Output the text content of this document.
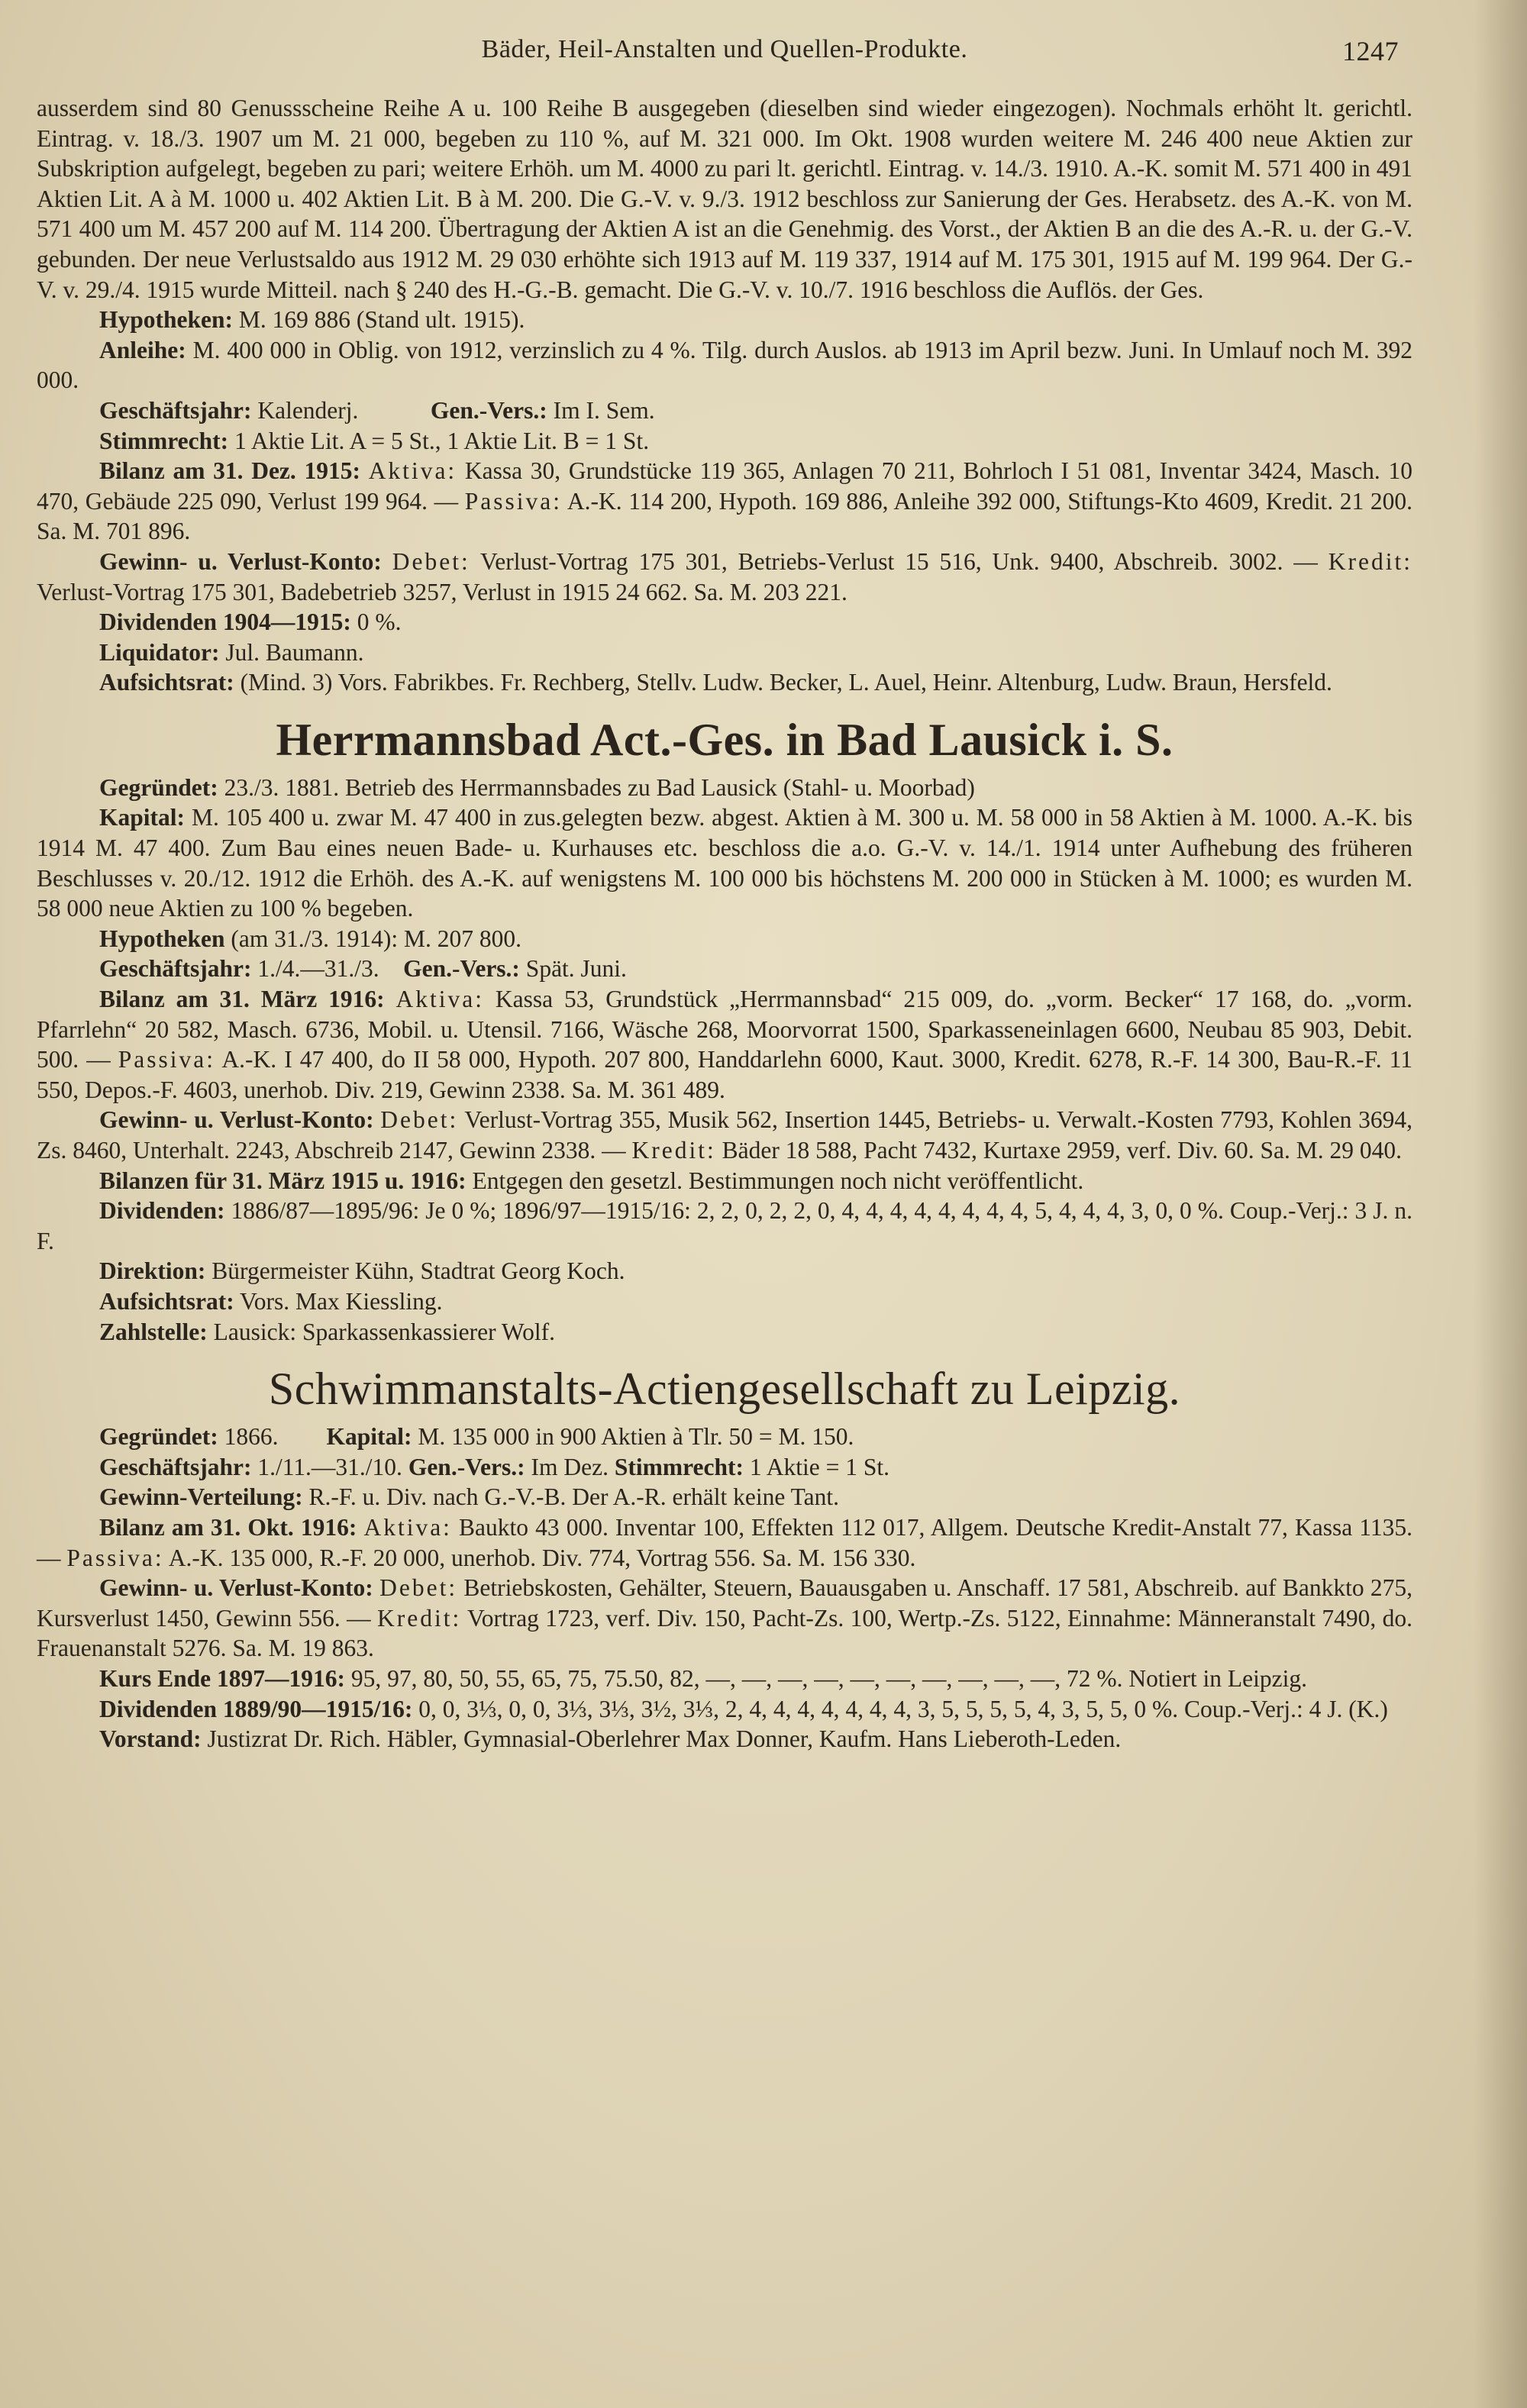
Bäder, Heil-Anstalten und Quellen-Produkte.	1247

ausserdem sind 80 Genussscheine Reihe A u. 100 Reihe B ausgegeben (dieselben sind wieder eingezogen). Nochmals erhöht lt. gerichtl. Eintrag. v. 18./3. 1907 um M. 21 000, begeben zu 110 %, auf M. 321 000. Im Okt. 1908 wurden weitere M. 246 400 neue Aktien zur Subskription aufgelegt, begeben zu pari; weitere Erhöh. um M. 4000 zu pari lt. gerichtl. Eintrag. v. 14./3. 1910. A.-K. somit M. 571 400 in 491 Aktien Lit. A à M. 1000 u. 402 Aktien Lit. B à M. 200. Die G.-V. v. 9./3. 1912 beschloss zur Sanierung der Ges. Herabsetz. des A.-K. von M. 571 400 um M. 457 200 auf M. 114 200. Übertragung der Aktien A ist an die Genehmig. des Vorst., der Aktien B an die des A.-R. u. der G.-V. gebunden. Der neue Verlustsaldo aus 1912 M. 29 030 erhöhte sich 1913 auf M. 119 337, 1914 auf M. 175 301, 1915 auf M. 199 964. Der G.-V. v. 29./4. 1915 wurde Mitteil. nach § 240 des H.-G.-B. gemacht. Die G.-V. v. 10./7. 1916 beschloss die Auflös. der Ges.

Hypotheken: M. 169 886 (Stand ult. 1915).

Anleihe: M. 400 000 in Oblig. von 1912, verzinslich zu 4 %. Tilg. durch Auslos. ab 1913 im April bezw. Juni. In Umlauf noch M. 392 000.

Geschäftsjahr: Kalenderj.   	Gen.-Vers.: Im I. Sem.

Stimmrecht: 1 Aktie Lit. A = 5 St., 1 Aktie Lit. B = 1 St.

Bilanz am 31. Dez. 1915: Aktiva: Kassa 30, Grundstücke 119 365, Anlagen 70 211, Bohrloch I 51 081, Inventar 3424, Masch. 10 470, Gebäude 225 090, Verlust 199 964. — Passiva: A.-K. 114 200, Hypoth. 169 886, Anleihe 392 000, Stiftungs-Kto 4609, Kredit. 21 200. Sa. M. 701 896.

Gewinn- u. Verlust-Konto: Debet: Verlust-Vortrag 175 301, Betriebs-Verlust 15 516, Unk. 9400, Abschreib. 3002. — Kredit: Verlust-Vortrag 175 301, Badebetrieb 3257, Verlust in 1915 24 662. Sa. M. 203 221.

Dividenden 1904—1915: 0 %.

Liquidator: Jul. Baumann.

Aufsichtsrat: (Mind. 3) Vors. Fabrikbes. Fr. Rechberg, Stellv. Ludw. Becker, L. Auel, Heinr. Altenburg, Ludw. Braun, Hersfeld.

Herrmannsbad Act.-Ges. in Bad Lausick i. S.

Gegründet: 23./3. 1881. Betrieb des Herrmannsbades zu Bad Lausick (Stahl- u. Moorbad)

Kapital: M. 105 400 u. zwar M. 47 400 in zus.gelegten bezw. abgest. Aktien à M. 300 u. M. 58 000 in 58 Aktien à M. 1000. A.-K. bis 1914 M. 47 400. Zum Bau eines neuen Bade- u. Kurhauses etc. beschloss die a.o. G.-V. v. 14./1. 1914 unter Aufhebung des früheren Beschlusses v. 20./12. 1912 die Erhöh. des A.-K. auf wenigstens M. 100 000 bis höchstens M. 200 000 in Stücken à M. 1000; es wurden M. 58 000 neue Aktien zu 100 % begeben.

Hypotheken (am 31./3. 1914): M. 207 800.

Geschäftsjahr: 1./4.—31./3.  Gen.-Vers.: Spät. Juni.

Bilanz am 31. März 1916: Aktiva: Kassa 53, Grundstück „Herrmannsbad“ 215 009, do. „vorm. Becker“ 17 168, do. „vorm. Pfarrlehn“ 20 582, Masch. 6736, Mobil. u. Utensil. 7166, Wäsche 268, Moorvorrat 1500, Sparkasseneinlagen 6600, Neubau 85 903, Debit. 500. — Passiva: A.-K. I 47 400, do II 58 000, Hypoth. 207 800, Handdarlehn 6000, Kaut. 3000, Kredit. 6278, R.-F. 14 300, Bau-R.-F. 11 550, Depos.-F. 4603, unerhob. Div. 219, Gewinn 2338. Sa. M. 361 489.

Gewinn- u. Verlust-Konto: Debet: Verlust-Vortrag 355, Musik 562, Insertion 1445, Betriebs- u. Verwalt.-Kosten 7793, Kohlen 3694, Zs. 8460, Unterhalt. 2243, Abschreib 2147, Gewinn 2338. — Kredit: Bäder 18 588, Pacht 7432, Kurtaxe 2959, verf. Div. 60. Sa. M. 29 040.

Bilanzen für 31. März 1915 u. 1916: Entgegen den gesetzl. Bestimmungen noch nicht veröffentlicht.

Dividenden: 1886/87—1895/96: Je 0 %; 1896/97—1915/16: 2, 2, 0, 2, 2, 0, 4, 4, 4, 4, 4, 4, 4, 4, 5, 4, 4, 4, 3, 0, 0 %. Coup.-Verj.: 3 J. n. F.

Direktion: Bürgermeister Kühn, Stadtrat Georg Koch.

Aufsichtsrat: Vors. Max Kiessling.

Zahlstelle: Lausick: Sparkassenkassierer Wolf.

Schwimmanstalts-Actiengesellschaft zu Leipzig.

Gegründet: 1866.   Kapital: M. 135 000 in 900 Aktien à Tlr. 50 = M. 150.

Geschäftsjahr: 1./11.—31./10. Gen.-Vers.: Im Dez. Stimmrecht: 1 Aktie = 1 St.

Gewinn-Verteilung: R.-F. u. Div. nach G.-V.-B. Der A.-R. erhält keine Tant.

Bilanz am 31. Okt. 1916: Aktiva: Baukto 43 000. Inventar 100, Effekten 112 017, Allgem. Deutsche Kredit-Anstalt 77, Kassa 1135. — Passiva: A.-K. 135 000, R.-F. 20 000, unerhob. Div. 774, Vortrag 556. Sa. M. 156 330.

Gewinn- u. Verlust-Konto: Debet: Betriebskosten, Gehälter, Steuern, Bauausgaben u. Anschaff. 17 581, Abschreib. auf Bankkto 275, Kursverlust 1450, Gewinn 556. — Kredit: Vortrag 1723, verf. Div. 150, Pacht-Zs. 100, Wertp.-Zs. 5122, Einnahme: Männeranstalt 7490, do. Frauenanstalt 5276. Sa. M. 19 863.

Kurs Ende 1897—1916: 95, 97, 80, 50, 55, 65, 75, 75.50, 82, —, —, —, —, —, —, —, —, —, —, 72 %. Notiert in Leipzig.

Dividenden 1889/90—1915/16: 0, 0, 3⅓, 0, 0, 3⅓, 3⅓, 3½, 3⅓, 2, 4, 4, 4, 4, 4, 4, 4, 3, 5, 5, 5, 5, 4, 3, 5, 5, 0 %. Coup.-Verj.: 4 J. (K.)

Vorstand: Justizrat Dr. Rich. Häbler, Gymnasial-Oberlehrer Max Donner, Kaufm. Hans Lieberoth-Leden.
